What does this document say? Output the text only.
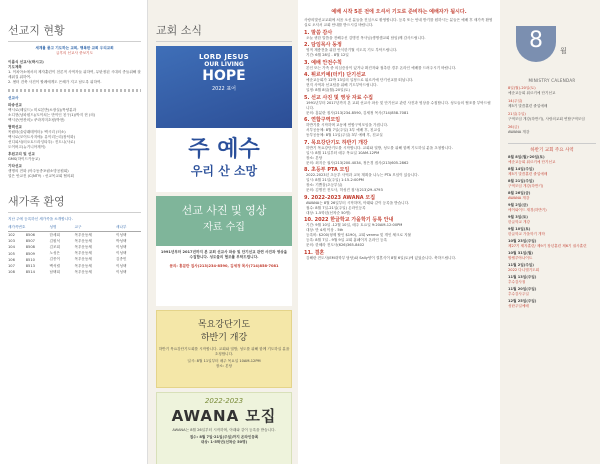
선교지 현황
세계를 품고 기도하는 교회, 행복한 교회 우리교회
급후의 선교사 중보기도
이름식 선교사(박시고)
기도제목
1. 이치아소에서의 제자훈련이 천론적 사역자들 위하여, 무탄정된 시대의 종들위해 잘 세워질 위하여.
2. 센터 건축 사건이 할례에게도 은혜가 지고 남도록 위하여.
선교사
파송선교
백시로(헤일드): 미로본반(소장실)/목양분과
소디현(남파원드)/도이치는 만이인 친구(1)/박지 현 (의)
백시준(안찬의): 쿠라지미초평(박현)
협력선교
목림터(술링래테이터): 백시리 (터소)
백시로(모이트사지에): 유이리는리(장덕화)
선디피서(터오토드라잉타우): 진도니(사로)
도이버고(뉴기니아재이)
후원고리 및 선교
GMS(하이드카동교)
기타선교
생명의 전화 (아주동종포림소망공원회)
얼은 안교진 (C(NTY) : 선교목교회 협의회
새가족 환영
지난 주에 등록하신 새가족을 소개합니다.
새가족번호		성명	교구	새나부
102	8506	한세희	목우운동체	이성택
103	8507	김원석	목우운동체	박성택
104	8508	김조희	목우운동체	이성택
105	8509	노성은	목우운동체	이성택
106	8510	김종이	목우운동체	김종민
107	8513	백석렬	목우운동체	이성택
108	8514	남택희	목우운동체	이성택
교회 소식
LORD JESUS
OUR LIVING
HOPE
2022 표어
주 예수
우리 산 소망
선교 사진 및 영상
자료 수집
1991년부터 2017년까지 본 교회 선교사 파송 및 단기선교 관련 사진과 영상을 수집합니다. 성도들의 협조를 부탁드립니다.
문의: 홍분란 집사(213)234-8590, 김세정 목사(714)858-7081
목요강단기도
하반기 개강
하반기 목요강단기도회를 시작합니다. 교회와 열방, 성도를 위해 함께 기도하실 분을 초청합니다.
일시: 8월 11일부터 매주 목요일 10AM-12PM
장소: 본당
2022-2023
AWANA 모집
AWANA는 8월 26일부터 시작하며, 아래와 같이 등록을 받습니다.
접수: 8월 7일-21일(주일)까지 온라인등록
대상: 1-5학년(선착순 50명)
예배 시작 5분 전에 오셔서 기도로 준비하는 예배자가 됩시다.
사랑의빛선교교회에 처음 오신 분들을 진심으로 환영합니다. 등록 또는 안내 받기를 원하시는 분들은 예배 후 새가족 환영실로 오셔서 교회 안내를 받으시길 바랍니다.
1. 말씀 감사
오늘 귀한 말씀을 전해주신 김병진 목사님(생명샘교회 담임)께 감사드립니다.
2. 담임목사 동정
영적 재충전을 위한 안식한기월 식도록 기도 부탁드립니다.
기간: 6월 28일 - 8월 12일
3. 예배 안전수칙
본인 또는 가족 중 의심증상이 있거나 확진자와 접촉한 경우 온라인 예배를 드려주시기 바랍니다.
4. 튀르키예(터키) 단기선교
예준교등회가 12박 13일의 일정으로 튀르키예 단기선교를 떠납니다.
현지 사역과 선교팀을 위해 기도부탁드립니다.
일정: 8월 8일(월)-20일(토)
5. 선교 사진 및 영상 자료 수집
1991년부터 2017년까지 본 교회 선교사 파송 및 단기선교 관련 사진과 영상을 수집합니다. 성도들의 협조를 부탁드립니다.
문의: 홍분란 집사(213)234-8590, 김세정 목사(714)858-7081
6. 연합구역모임
하반기를 시작하며 교동체 연합구역모임을 가집니다.
서부공동체: 8월 7일(주일) 3부 예배 후, 친교실
동부공동체: 8월 11일(주일) 3부 예배 후, 친교실
7. 목요강단기도 하반기 개강
하반기 목요강단기도를 시작합니다. 교회와 열방, 성도를 위해 함께 기도하실 분을 초청합니다.
일시: 8월 11일부터 매주 목요일 10AM-12PM
장소: 본당
문의: 최지순 권사(213)200-4034, 정은경 집사(213)605-2862
8. 초등부 PTA 모임
2022-2023년 초등부 사역과 교육 계획을 나누는 PTA 모임이 있습니다.
일시: 8월 21일(주일) 1:15-2:00PM
장소: 기쁨홀(초등부실)
문의: 김병진 전도사, 허성진 집사(213)29-4793
9. 2022-2023 AWANA 모집
AWANA는 8월 26일부터 시작하며, 아래와 같이 등록을 받습니다.
접수: 8월 7일-21일(주일) 온라인등록
대상: 1-5학년(선착순 50명)
10. 2022 한글학교 가을학기 등록 안내
기간: 9월 10일 -12월 10일, 매주 토요일 9:20AM-12:00PM
대상: 만 4세 이상 - 5th
등록비: $200(형제 할인 $190), 교회 venmo 및 개인 체크로 지불
등록: 8월 7일 - 9월 9일 교회 홈페이지 온라인 등록
문의: 한혜라 전도사(626)365-8402
11. 결혼
김해란 전도사(EM대학부 담당)와 Sally양이 결혼식이 8월 6일(토)에 있었습니다. 축하드립니다.
8 월
MINISTRY CALENDAR
8일(월)-20일(토)
예준교등회 튀르키예 단기선교
14(주일)
제5기 말씀훈련 졸업예배
21일(주일)
구역모임 개강(하반기), 사랑의교회 연합구역모임
26(금)
AWANA 개강
하반기 교회 주요 사역
8월 8일(월)-20일(토)
예준교등회 튀르키예 단기선교
8월 14일(주일)
제5기 말씀훈련 졸업예배
8월 21일(주일)
구역모임 개강(하반기)
8월 26일(금)
AWANA 개강
9월 2일(금)
에이와이드 재경(하반기)
9월 3일(토)
한글학교 개강
9월 10일(토)
한글학교 가을학기 개학
10월 23일(주일)
제27기 제자훈련/ 제9기 장년훈련 제6기 권사훈련
10월 31일(월)
할렐루야나이트
11월 2일(주일)
2022 다니엘기도회
11월 13일(주일)
추수감사절
11월 20일(주일)
추수감사주일
12월 25일(주일)
성탄주일예배
